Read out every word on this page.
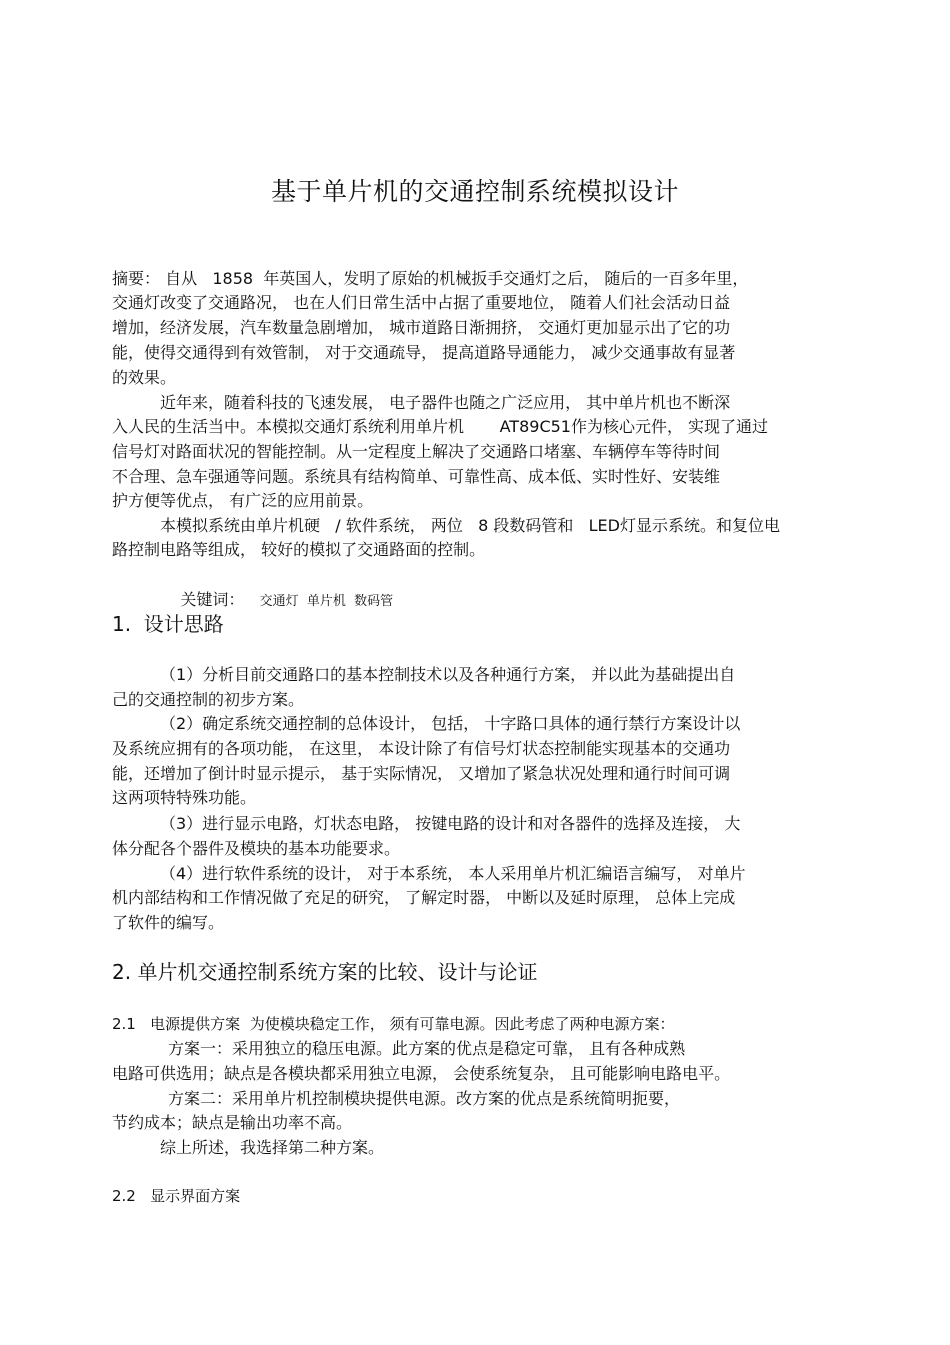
基于单片机的交通控制系统模拟设计
摘要： 自从   1858  年英国人，发明了原始的机械扳手交通灯之后， 随后的一百多年里，
交通灯改变了交通路况， 也在人们日常生活中占据了重要地位， 随着人们社会活动日益
增加，经济发展，汽车数量急剧增加， 城市道路日渐拥挤， 交通灯更加显示出了它的功
能，使得交通得到有效管制， 对于交通疏导， 提高道路导通能力， 减少交通事故有显著
的效果。
近年来，随着科技的飞速发展， 电子器件也随之广泛应用， 其中单片机也不断深
入人民的生活当中。本模拟交通灯系统利用单片机       AT89C51作为核心元件， 实现了通过
信号灯对路面状况的智能控制。从一定程度上解决了交通路口堵塞、车辆停车等待时间
不合理、急车强通等问题。系统具有结构简单、可靠性高、成本低、实时性好、安装维
护方便等优点， 有广泛的应用前景。
本模拟系统由单片机硬   / 软件系统， 两位   8 段数码管和   LED灯显示系统。和复位电
路控制电路等组成， 较好的模拟了交通路面的控制。

关键词： 交通灯  单片机  数码管

1.  设计思路
（1）分析目前交通路口的基本控制技术以及各种通行方案， 并以此为基础提出自
己的交通控制的初步方案。
（2）确定系统交通控制的总体设计， 包括， 十字路口具体的通行禁行方案设计以
及系统应拥有的各项功能， 在这里， 本设计除了有信号灯状态控制能实现基本的交通功
能，还增加了倒计时显示提示， 基于实际情况， 又增加了紧急状况处理和通行时间可调
这两项特特殊功能。
（3）进行显示电路，灯状态电路， 按键电路的设计和对各器件的选择及连接， 大
体分配各个器件及模块的基本功能要求。
（4）进行软件系统的设计， 对于本系统， 本人采用单片机汇编语言编写， 对单片
机内部结构和工作情况做了充足的研究， 了解定时器， 中断以及延时原理， 总体上完成
了软件的编写。
2. 单片机交通控制系统方案的比较、设计与论证
2.1   电源提供方案  为使模块稳定工作， 须有可靠电源。因此考虑了两种电源方案：
方案一：采用独立的稳压电源。此方案的优点是稳定可靠， 且有各种成熟
电路可供选用；缺点是各模块都采用独立电源， 会使系统复杂， 且可能影响电路电平。
方案二：采用单片机控制模块提供电源。改方案的优点是系统简明扼要，
节约成本；缺点是输出功率不高。
综上所述，我选择第二种方案。
2.2   显示界面方案
